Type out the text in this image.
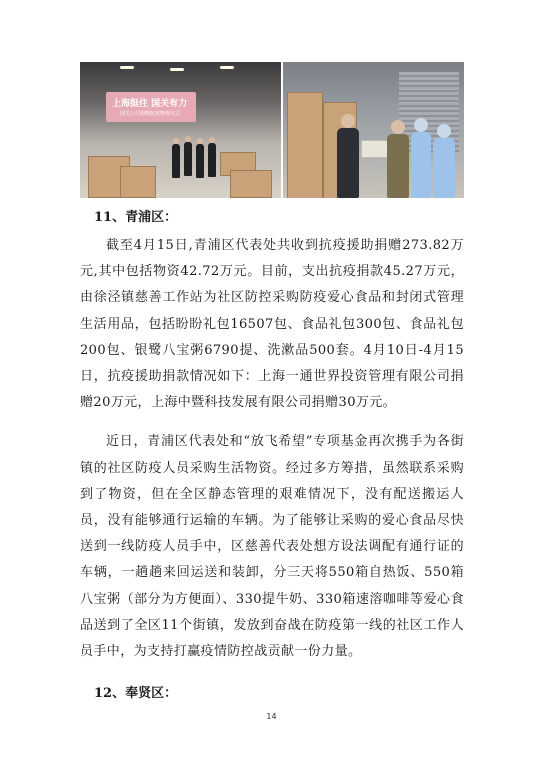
上海挺住 国关有力
国关公司捐赠抗疫物资仪式
11、青浦区：

截至4月15日,青浦区代表处共收到抗疫援助捐赠273.82万元,其中包括物资42.72万元。目前，支出抗疫捐款45.27万元，由徐泾镇慈善工作站为社区防控采购防疫爱心食品和封闭式管理生活用品，包括盼盼礼包16507包、食品礼包300包、食品礼包200包、银鹭八宝粥6790提、洗漱品500套。4月10日-4月15日，抗疫援助捐款情况如下：上海一通世界投资管理有限公司捐赠20万元，上海中暨科技发展有限公司捐赠30万元。

近日，青浦区代表处和“放飞希望”专项基金再次携手为各街镇的社区防疫人员采购生活物资。经过多方筹措，虽然联系采购到了物资，但在全区静态管理的艰难情况下，没有配送搬运人员，没有能够通行运输的车辆。为了能够让采购的爱心食品尽快送到一线防疫人员手中，区慈善代表处想方设法调配有通行证的车辆，一趟趟来回运送和装卸，分三天将550箱自热饭、550箱八宝粥（部分为方便面）、330提牛奶、330箱速溶咖啡等爱心食品送到了全区11个街镇，发放到奋战在防疫第一线的社区工作人员手中，为支持打赢疫情防控战贡献一份力量。

12、奉贤区：
14
